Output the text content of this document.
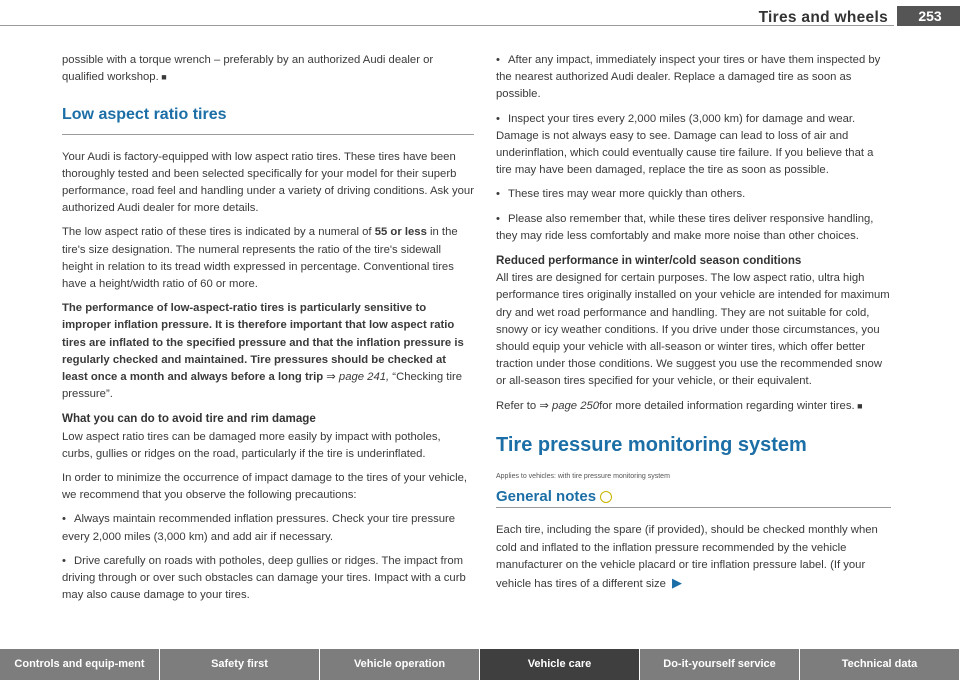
Tires and wheels	253

possible with a torque wrench – preferably by an authorized Audi dealer or qualified workshop. ■

Low aspect ratio tires

Your Audi is factory-equipped with low aspect ratio tires. These tires have been thoroughly tested and been selected specifically for your model for their superb performance, road feel and handling under a variety of driving conditions. Ask your authorized Audi dealer for more details.

The low aspect ratio of these tires is indicated by a numeral of 55 or less in the tire's size designation. The numeral represents the ratio of the tire's sidewall height in relation to its tread width expressed in percentage. Conventional tires have a height/width ratio of 60 or more.

The performance of low-aspect-ratio tires is particularly sensitive to improper inflation pressure. It is therefore important that low aspect ratio tires are inflated to the specified pressure and that the inflation pressure is regularly checked and maintained. Tire pressures should be checked at least once a month and always before a long trip ⇒ page 241, “Checking tire pressure”.

What you can do to avoid tire and rim damage

Low aspect ratio tires can be damaged more easily by impact with potholes, curbs, gullies or ridges on the road, particularly if the tire is underinflated.

In order to minimize the occurrence of impact damage to the tires of your vehicle, we recommend that you observe the following precautions:

• Always maintain recommended inflation pressures. Check your tire pressure every 2,000 miles (3,000 km) and add air if necessary.

• Drive carefully on roads with potholes, deep gullies or ridges. The impact from driving through or over such obstacles can damage your tires. Impact with a curb may also cause damage to your tires.

• After any impact, immediately inspect your tires or have them inspected by the nearest authorized Audi dealer. Replace a damaged tire as soon as possible.

• Inspect your tires every 2,000 miles (3,000 km) for damage and wear. Damage is not always easy to see. Damage can lead to loss of air and underinflation, which could eventually cause tire failure. If you believe that a tire may have been damaged, replace the tire as soon as possible.

• These tires may wear more quickly than others.

• Please also remember that, while these tires deliver responsive handling, they may ride less comfortably and make more noise than other choices.

Reduced performance in winter/cold season conditions

All tires are designed for certain purposes. The low aspect ratio, ultra high performance tires originally installed on your vehicle are intended for maximum dry and wet road performance and handling. They are not suitable for cold, snowy or icy weather conditions. If you drive under those circumstances, you should equip your vehicle with all-season or winter tires, which offer better traction under those conditions. We suggest you use the recommended snow or all-season tires specified for your vehicle, or their equivalent.

Refer to ⇒ page 250for more detailed information regarding winter tires. ■

Tire pressure monitoring system
Applies to vehicles: with tire pressure monitoring system
General notes

Each tire, including the spare (if provided), should be checked monthly when cold and inflated to the inflation pressure recommended by the vehicle manufacturer on the vehicle placard or tire inflation pressure label. (If your vehicle has tires of a different size ▶

Controls and equip-ment	Safety first	Vehicle operation	Vehicle care	Do-it-yourself service	Technical data
